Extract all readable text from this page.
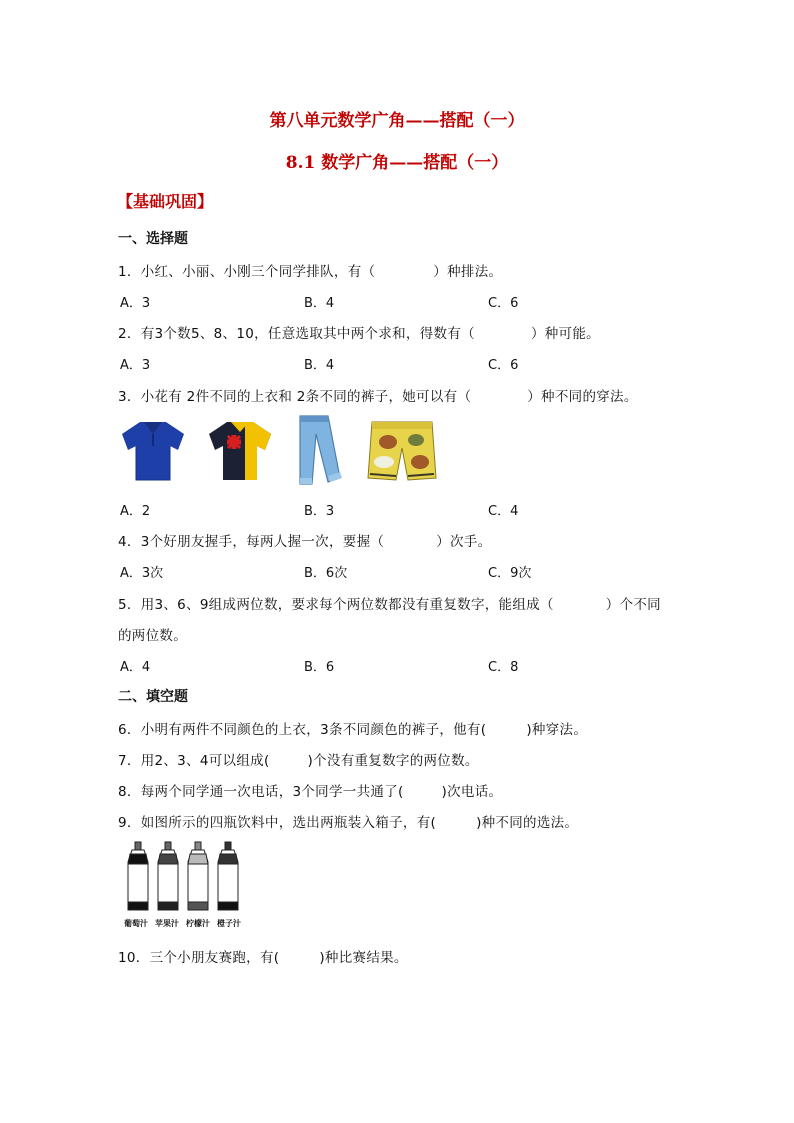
第八单元数学广角——搭配（一）
8.1 数学广角——搭配（一）
【基础巩固】
一、选择题
1．小红、小丽、小刚三个同学排队，有（	）种排法。
A．3	B．4	C．6
2．有3个数5、8、10，任意选取其中两个求和，得数有（	）种可能。
A．3	B．4	C．6
3．小花有 2件不同的上衣和 2条不同的裤子，她可以有（	）种不同的穿法。
A．2	B．3	C．4
4．3个好朋友握手，每两人握一次，要握（	）次手。
A．3次	B．6次	C．9次
5．用3、6、9组成两位数，要求每个两位数都没有重复数字，能组成（	）个不同
的两位数。
A．4	B．6	C．8
二、填空题
6．小明有两件不同颜色的上衣，3条不同颜色的裤子，他有(	)种穿法。
7．用2、3、4可以组成(	)个没有重复数字的两位数。
8．每两个同学通一次电话，3个同学一共通了(	)次电话。
9．如图所示的四瓶饮料中，选出两瓶装入箱子，有(	)种不同的选法。
葡萄汁 苹果汁 柠檬汁 橙子汁
10．三个小朋友赛跑，有(	)种比赛结果。
